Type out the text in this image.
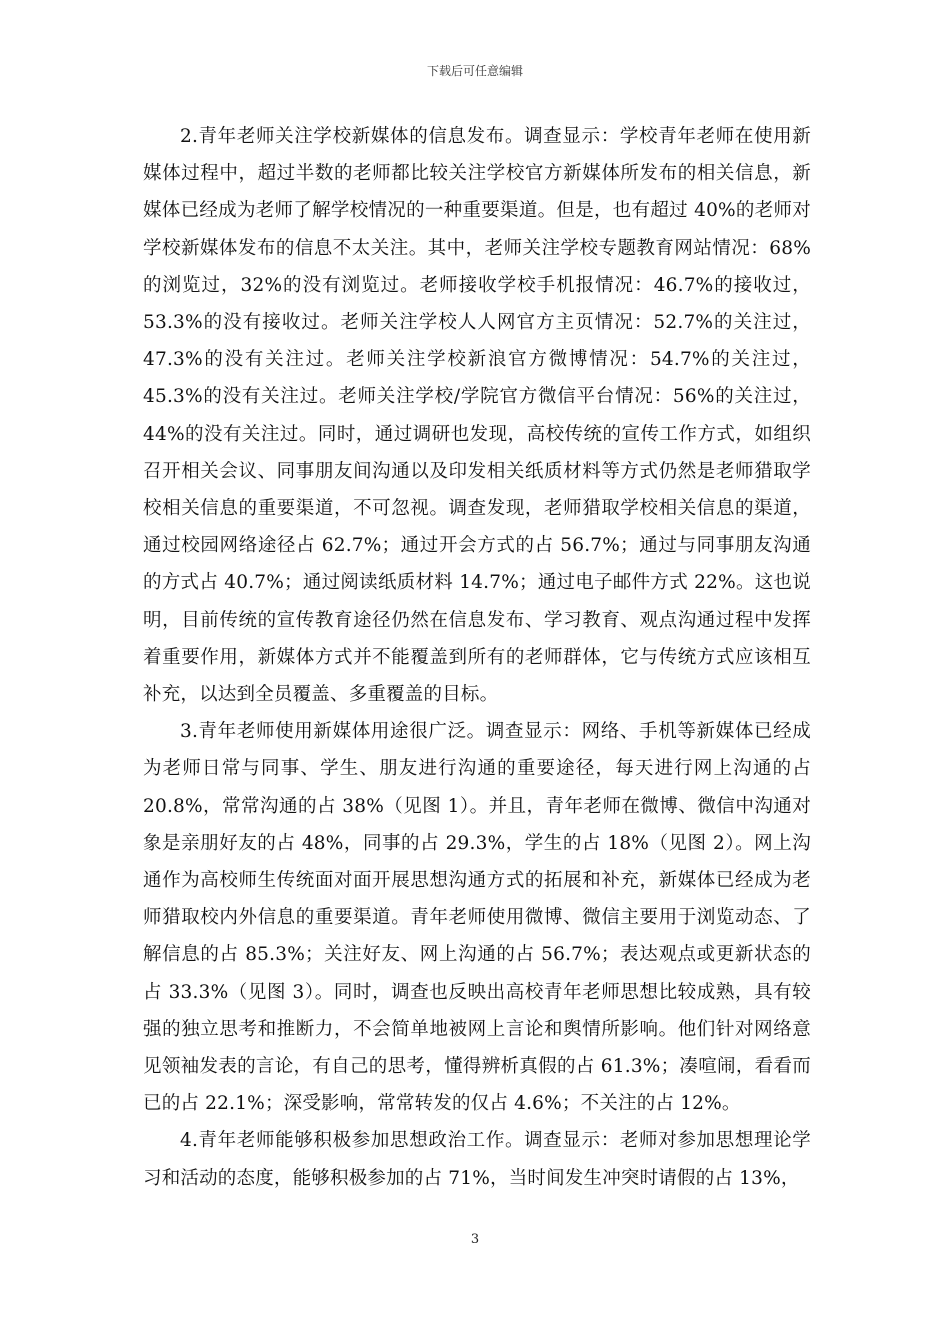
下载后可任意编辑

2.青年老师关注学校新媒体的信息发布。调查显示：学校青年老师在使用新媒体过程中，超过半数的老师都比较关注学校官方新媒体所发布的相关信息，新媒体已经成为老师了解学校情况的一种重要渠道。但是，也有超过 40%的老师对学校新媒体发布的信息不太关注。其中，老师关注学校专题教育网站情况：68%的浏览过，32%的没有浏览过。老师接收学校手机报情况：46.7%的接收过，53.3%的没有接收过。老师关注学校人人网官方主页情况：52.7%的关注过，47.3%的没有关注过。老师关注学校新浪官方微博情况：54.7%的关注过，45.3%的没有关注过。老师关注学校/学院官方微信平台情况：56%的关注过，44%的没有关注过。同时，通过调研也发现，高校传统的宣传工作方式，如组织召开相关会议、同事朋友间沟通以及印发相关纸质材料等方式仍然是老师猎取学校相关信息的重要渠道，不可忽视。调查发现，老师猎取学校相关信息的渠道，通过校园网络途径占 62.7%；通过开会方式的占 56.7%；通过与同事朋友沟通的方式占 40.7%；通过阅读纸质材料 14.7%；通过电子邮件方式 22%。这也说明，目前传统的宣传教育途径仍然在信息发布、学习教育、观点沟通过程中发挥着重要作用，新媒体方式并不能覆盖到所有的老师群体，它与传统方式应该相互补充，以达到全员覆盖、多重覆盖的目标。

3.青年老师使用新媒体用途很广泛。调查显示：网络、手机等新媒体已经成为老师日常与同事、学生、朋友进行沟通的重要途径，每天进行网上沟通的占 20.8%，常常沟通的占 38%（见图 1）。并且，青年老师在微博、微信中沟通对象是亲朋好友的占 48%，同事的占 29.3%，学生的占 18%（见图 2）。网上沟通作为高校师生传统面对面开展思想沟通方式的拓展和补充，新媒体已经成为老师猎取校内外信息的重要渠道。青年老师使用微博、微信主要用于浏览动态、了解信息的占 85.3%；关注好友、网上沟通的占 56.7%；表达观点或更新状态的占 33.3%（见图 3）。同时，调查也反映出高校青年老师思想比较成熟，具有较强的独立思考和推断力，不会简单地被网上言论和舆情所影响。他们针对网络意见领袖发表的言论，有自己的思考，懂得辨析真假的占 61.3%；凑喧闹，看看而已的占 22.1%；深受影响，常常转发的仅占 4.6%；不关注的占 12%。

4.青年老师能够积极参加思想政治工作。调查显示：老师对参加思想理论学习和活动的态度，能够积极参加的占 71%，当时间发生冲突时请假的占 13%，

3
